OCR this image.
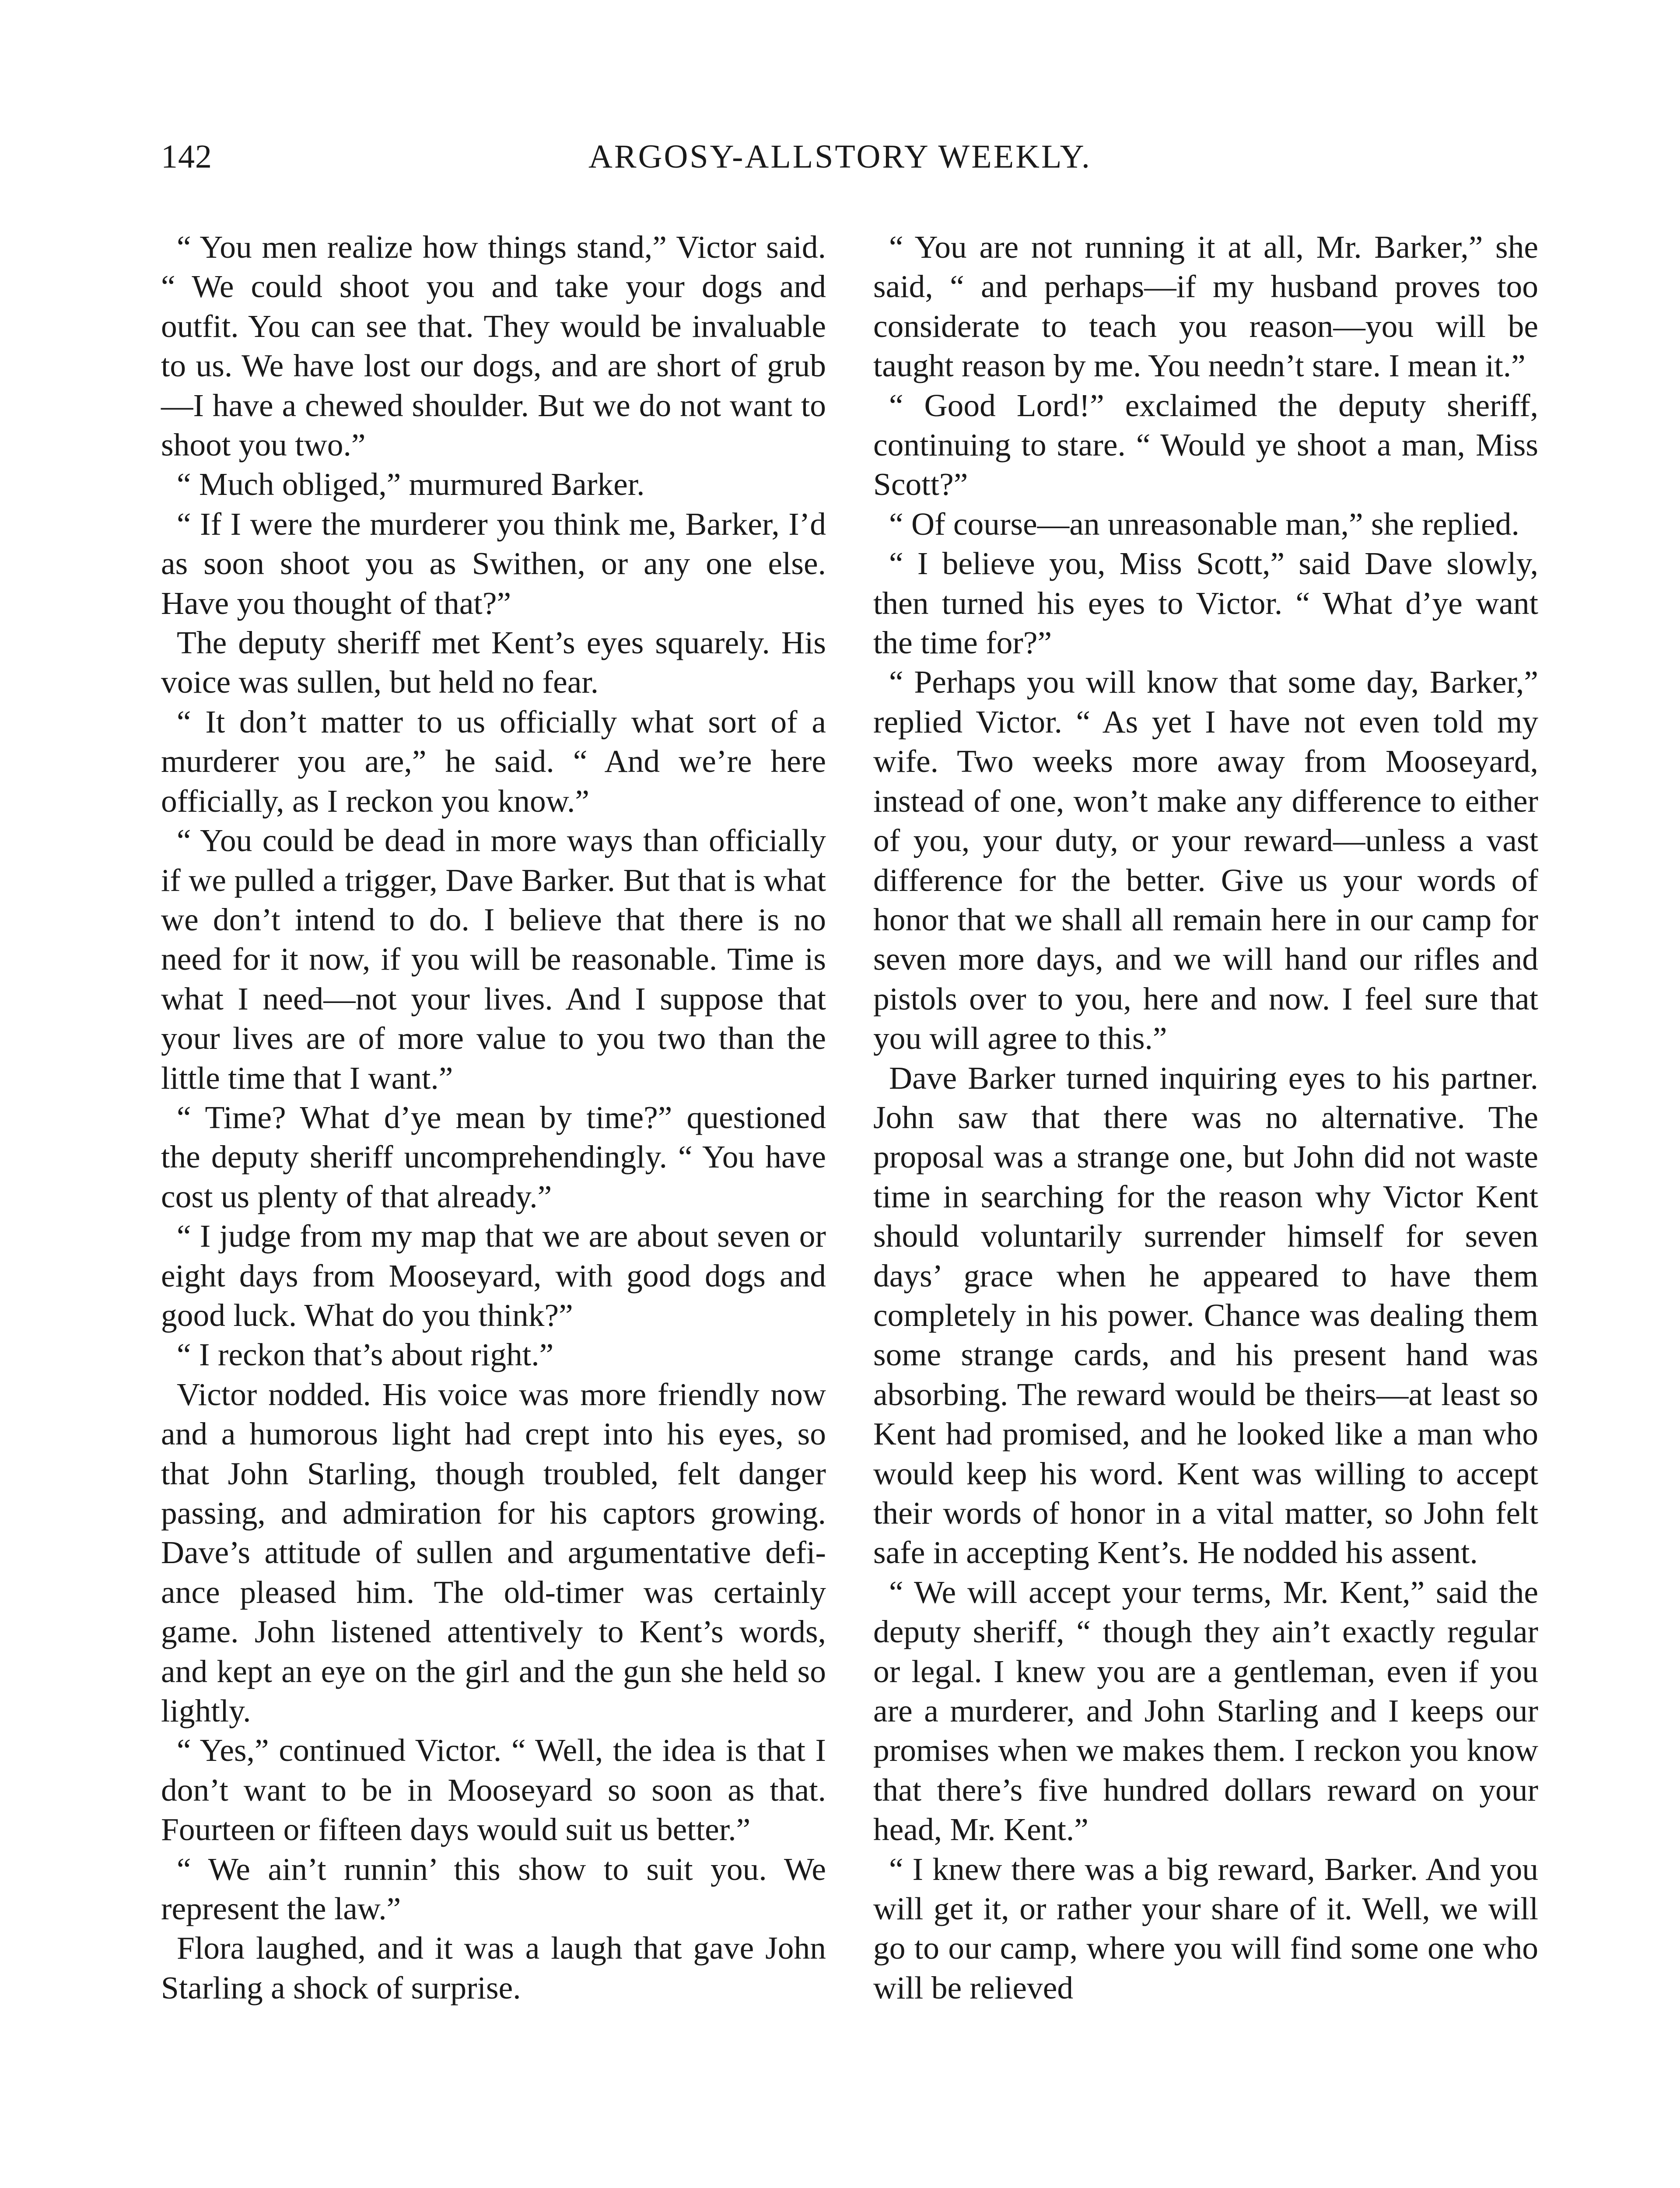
142	ARGOSY-ALLSTORY WEEKLY.

“ You men realize how things stand,” Victor said. “ We could shoot you and take your dogs and outfit. You can see that. They would be invaluable to us. We have lost our dogs, and are short of grub—I have a chewed shoulder. But we do not want to shoot you two.”

“ Much obliged,” murmured Barker.

“ If I were the murderer you think me, Barker, I’d as soon shoot you as Swithen, or any one else. Have you thought of that?”

The deputy sheriff met Kent’s eyes squarely. His voice was sullen, but held no fear.

“ It don’t matter to us officially what sort of a murderer you are,” he said. “ And we’re here officially, as I reckon you know.”

“ You could be dead in more ways than officially if we pulled a trigger, Dave Barker. But that is what we don’t intend to do. I believe that there is no need for it now, if you will be reasonable. Time is what I need—not your lives. And I suppose that your lives are of more value to you two than the little time that I want.”

“ Time? What d’ye mean by time?” questioned the deputy sheriff uncomprehendingly. “ You have cost us plenty of that already.”

“ I judge from my map that we are about seven or eight days from Mooseyard, with good dogs and good luck. What do you think?”

“ I reckon that’s about right.”

Victor nodded. His voice was more friendly now and a humorous light had crept into his eyes, so that John Starling, though troubled, felt danger passing, and admiration for his captors growing. Dave’s attitude of sullen and argumentative defiance pleased him. The old-timer was certainly game. John listened attentively to Kent’s words, and kept an eye on the girl and the gun she held so lightly.

“ Yes,” continued Victor. “ Well, the idea is that I don’t want to be in Mooseyard so soon as that. Fourteen or fifteen days would suit us better.”

“ We ain’t runnin’ this show to suit you. We represent the law.”

Flora laughed, and it was a laugh that gave John Starling a shock of surprise.

“ You are not running it at all, Mr. Barker,” she said, “ and perhaps—if my husband proves too considerate to teach you reason—you will be taught reason by me. You needn’t stare. I mean it.”

“ Good Lord!” exclaimed the deputy sheriff, continuing to stare. “ Would ye shoot a man, Miss Scott?”

“ Of course—an unreasonable man,” she replied.

“ I believe you, Miss Scott,” said Dave slowly, then turned his eyes to Victor. “ What d’ye want the time for?”

“ Perhaps you will know that some day, Barker,” replied Victor. “ As yet I have not even told my wife. Two weeks more away from Mooseyard, instead of one, won’t make any difference to either of you, your duty, or your reward—unless a vast difference for the better. Give us your words of honor that we shall all remain here in our camp for seven more days, and we will hand our rifles and pistols over to you, here and now. I feel sure that you will agree to this.”

Dave Barker turned inquiring eyes to his partner. John saw that there was no alternative. The proposal was a strange one, but John did not waste time in searching for the reason why Victor Kent should voluntarily surrender himself for seven days’ grace when he appeared to have them completely in his power. Chance was dealing them some strange cards, and his present hand was absorbing. The reward would be theirs—at least so Kent had promised, and he looked like a man who would keep his word. Kent was willing to accept their words of honor in a vital matter, so John felt safe in accepting Kent’s. He nodded his assent.

“ We will accept your terms, Mr. Kent,” said the deputy sheriff, “ though they ain’t exactly regular or legal. I knew you are a gentleman, even if you are a murderer, and John Starling and I keeps our promises when we makes them. I reckon you know that there’s five hundred dollars reward on your head, Mr. Kent.”

“ I knew there was a big reward, Barker. And you will get it, or rather your share of it. Well, we will go to our camp, where you will find some one who will be relieved
